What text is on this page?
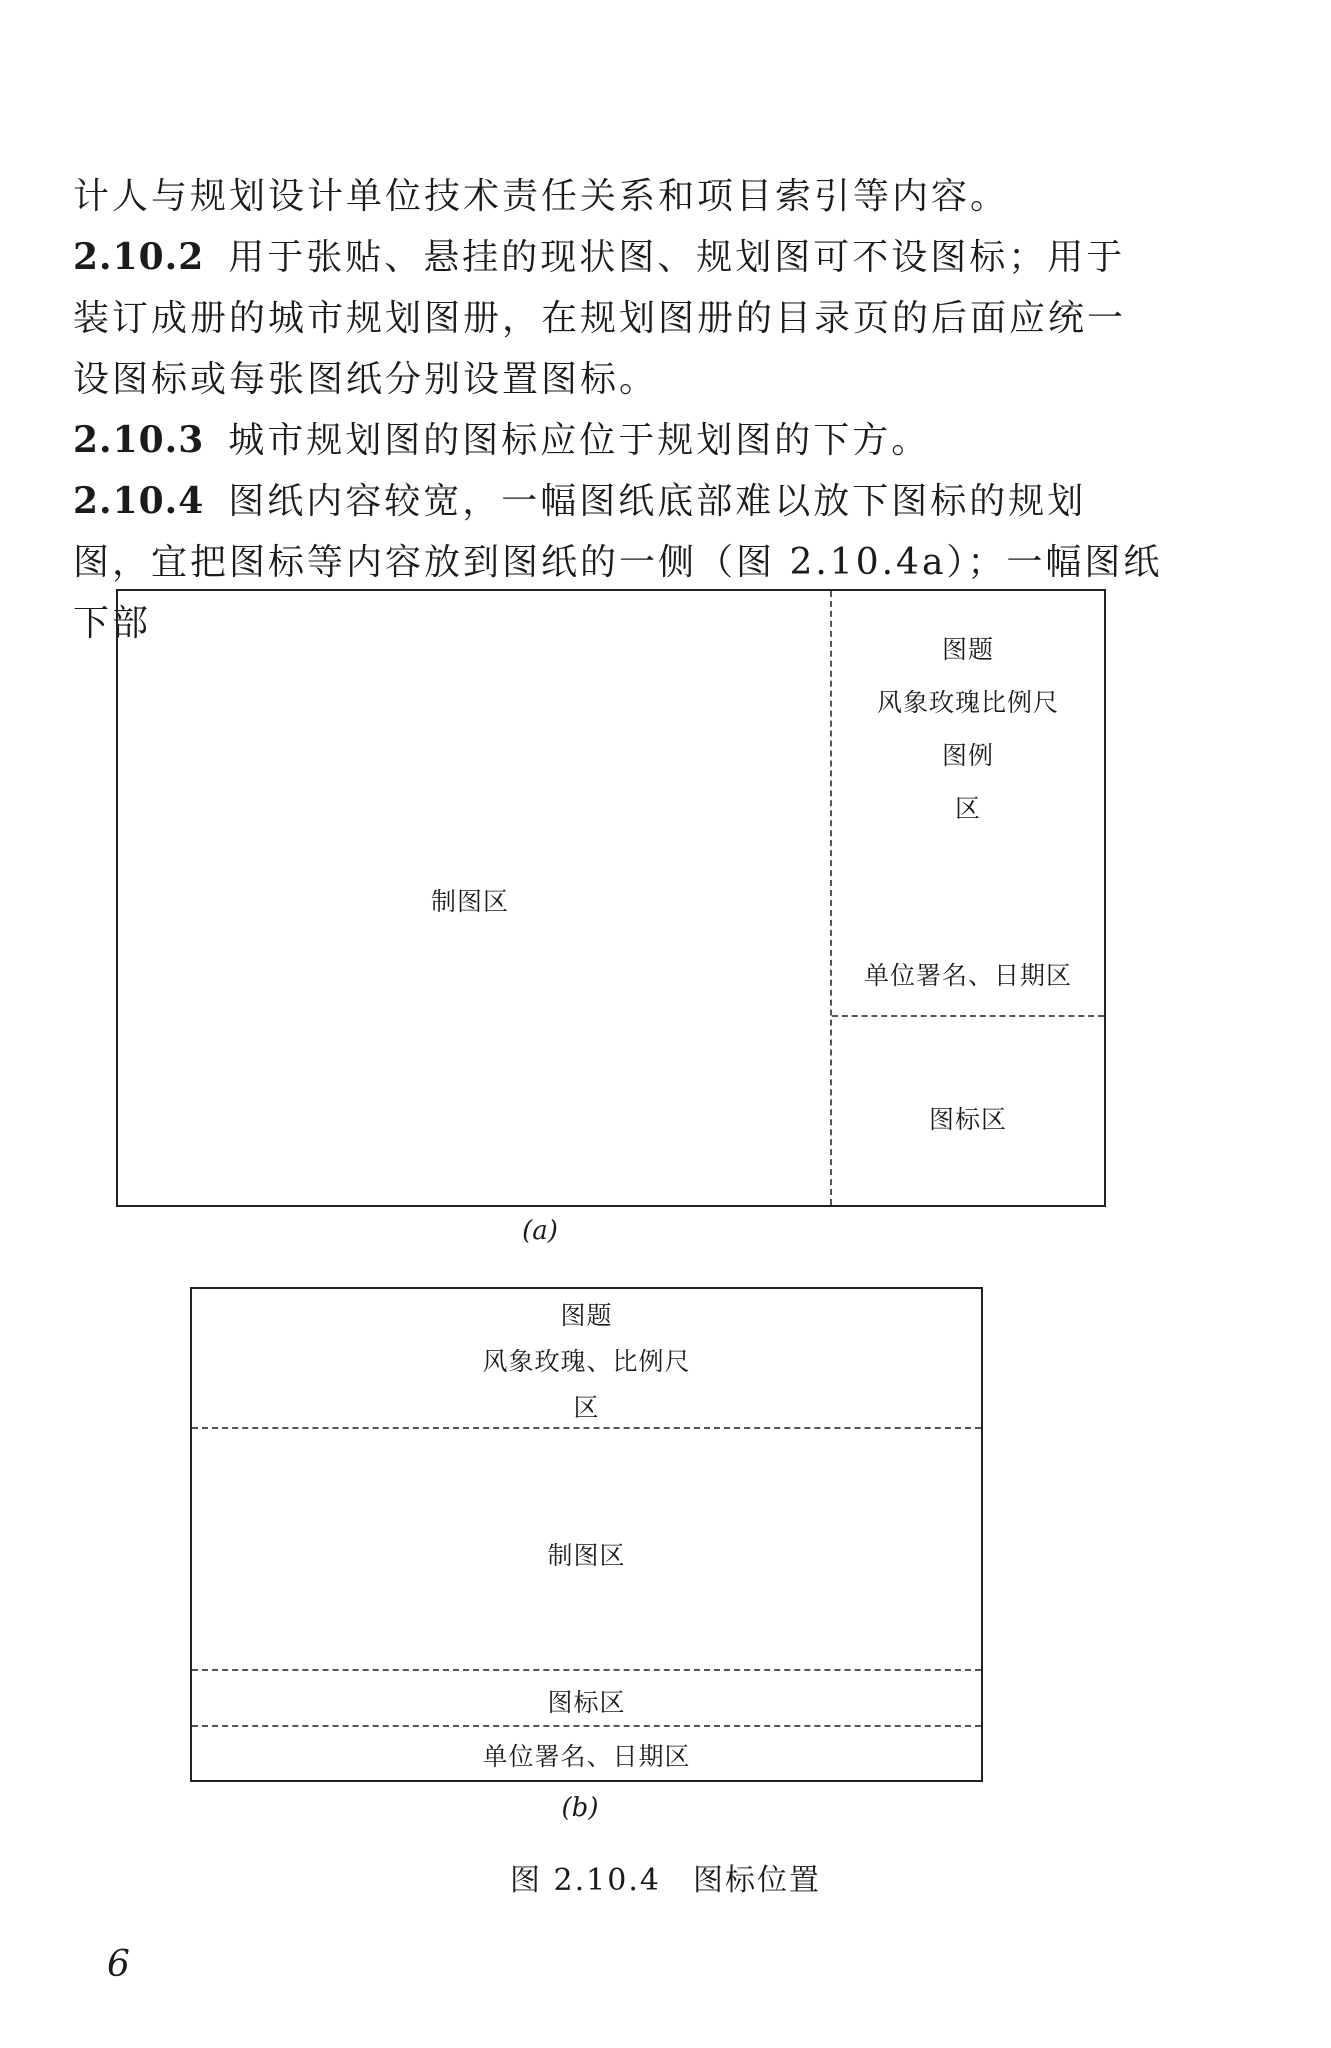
计人与规划设计单位技术责任关系和项目索引等内容。

2.10.2 用于张贴、悬挂的现状图、规划图可不设图标；用于装订成册的城市规划图册，在规划图册的目录页的后面应统一设图标或每张图纸分别设置图标。

2.10.3 城市规划图的图标应位于规划图的下方。

2.10.4 图纸内容较宽，一幅图纸底部难以放下图标的规划图，宜把图标等内容放到图纸的一侧（图 2.10.4a）；一幅图纸下部

制图区
图题
风象玫瑰比例尺
图例
区
单位署名、日期区
图标区
(a)
图题
风象玫瑰、比例尺
区
制图区
图标区
单位署名、日期区
(b)
图 2.10.4　图标位置
6
